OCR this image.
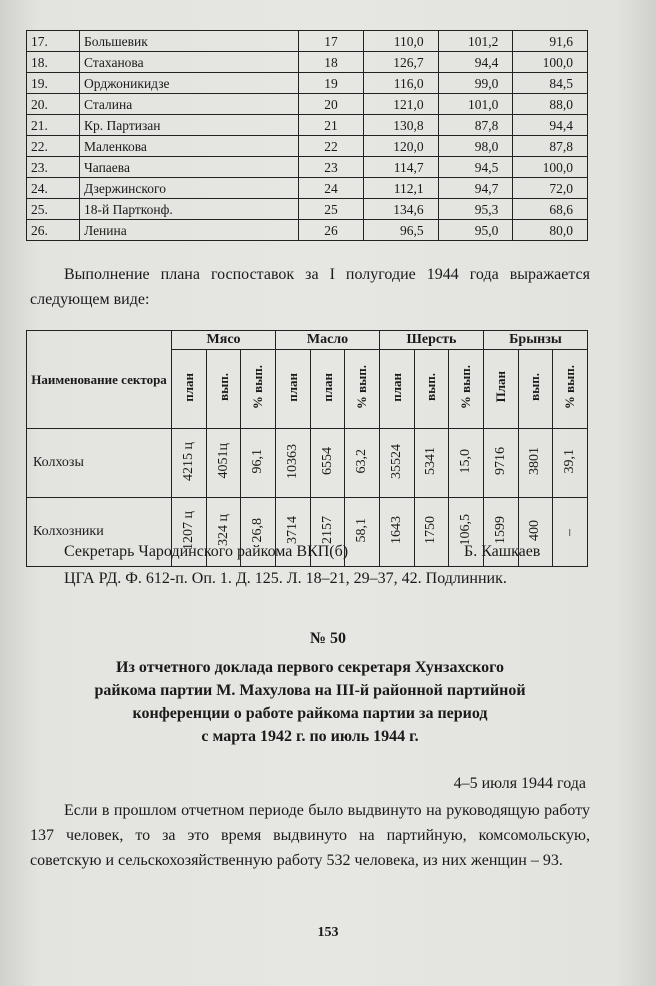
17.	Большевик	17	110,0	101,2	91,6
18.	Стаханова	18	126,7	94,4	100,0
19.	Орджоникидзе	19	116,0	99,0	84,5
20.	Сталина	20	121,0	101,0	88,0
21.	Кр. Партизан	21	130,8	87,8	94,4
22.	Маленкова	22	120,0	98,0	87,8
23.	Чапаева	23	114,7	94,5	100,0
24.	Дзержинского	24	112,1	94,7	72,0
25.	18-й Партконф.	25	134,6	95,3	68,6
26.	Ленина	26	96,5	95,0	80,0
Выполнение плана госпоставок за I полугодие 1944 года выражается следующем виде:
Наименование сектора	Мясо			Масло			Шерсть			Брынзы		
	план	вып.	% вып.	план	план	% вып.	план	вып.	% вып.	План	вып.	% вып.
Колхозы	4215 ц	4051ц	96,1	10363	6554	63,2	35524	5341	15,0	9716	3801	39,1
Колхозники	1207 ц	324 ц	26,8	3714	2157	58,1	1643	1750	106,5	1599	400	–
Секретарь Чародинского райкома ВКП(б)	Б. Кашкаев
ЦГА РД. Ф. 612-п. Оп. 1. Д. 125. Л. 18–21, 29–37, 42. Подлинник.
№ 50
Из отчетного доклада первого секретаря Хунзахского
райкома партии М. Махулова на III-й районной партийной
конференции о работе райкома партии за период
с марта 1942 г. по июль 1944 г.
4–5 июля 1944 года
Если в прошлом отчетном периоде было выдвинуто на руководящую работу 137 человек, то за это время выдвинуто на партийную, комсомольскую, советскую и сельскохозяйственную работу 532 человека, из них женщин – 93.
153
